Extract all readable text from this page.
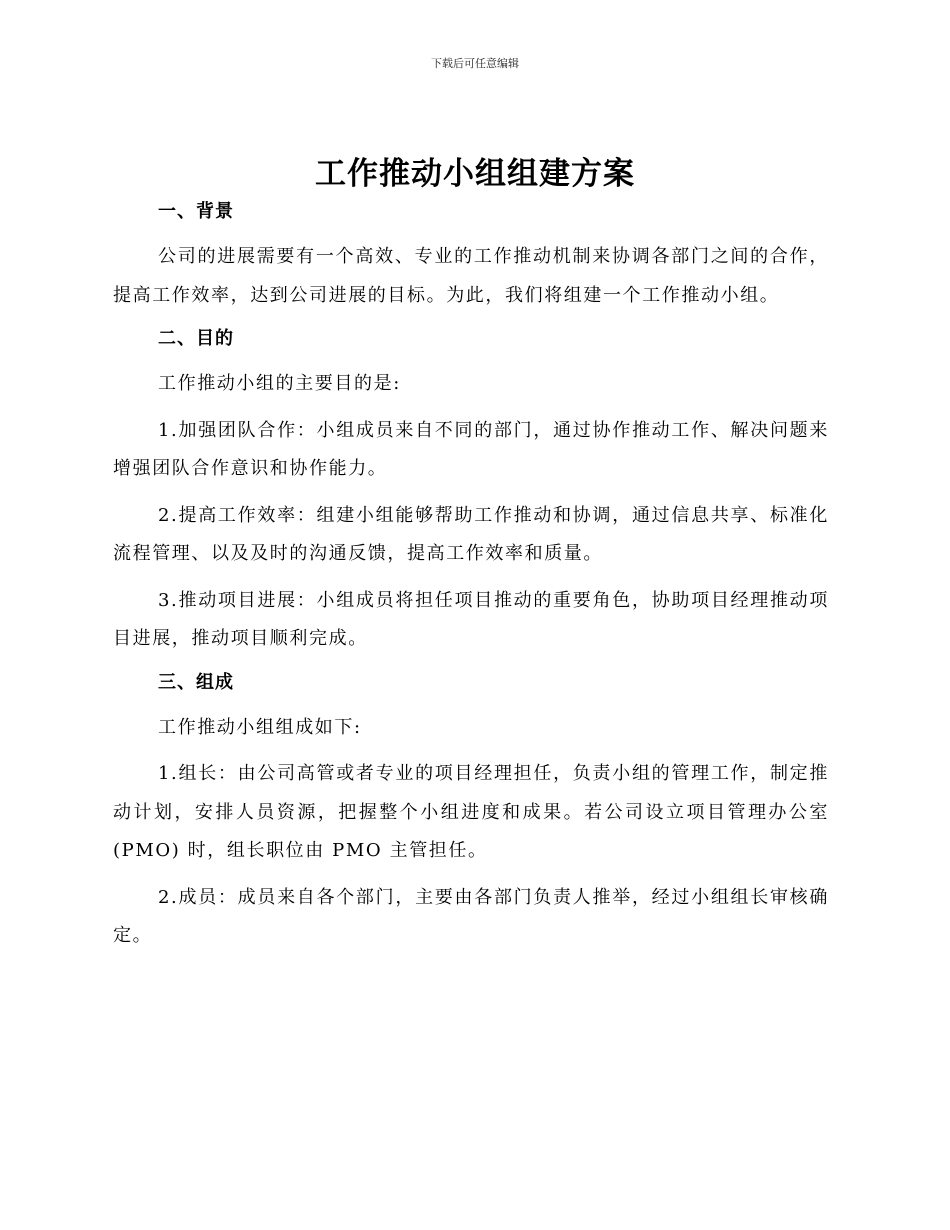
下载后可任意编辑
工作推动小组组建方案
一、背景

公司的进展需要有一个高效、专业的工作推动机制来协调各部门之间的合作，提高工作效率，达到公司进展的目标。为此，我们将组建一个工作推动小组。

二、目的

工作推动小组的主要目的是:

1.加强团队合作：小组成员来自不同的部门，通过协作推动工作、解决问题来增强团队合作意识和协作能力。

2.提高工作效率：组建小组能够帮助工作推动和协调，通过信息共享、标准化流程管理、以及及时的沟通反馈，提高工作效率和质量。

3.推动项目进展：小组成员将担任项目推动的重要角色，协助项目经理推动项目进展，推动项目顺利完成。

三、组成

工作推动小组组成如下:

1.组长：由公司高管或者专业的项目经理担任，负责小组的管理工作，制定推动计划，安排人员资源，把握整个小组进度和成果。若公司设立项目管理办公室(PMO) 时，组长职位由 PMO 主管担任。

2.成员：成员来自各个部门，主要由各部门负责人推举，经过小组组长审核确定。
